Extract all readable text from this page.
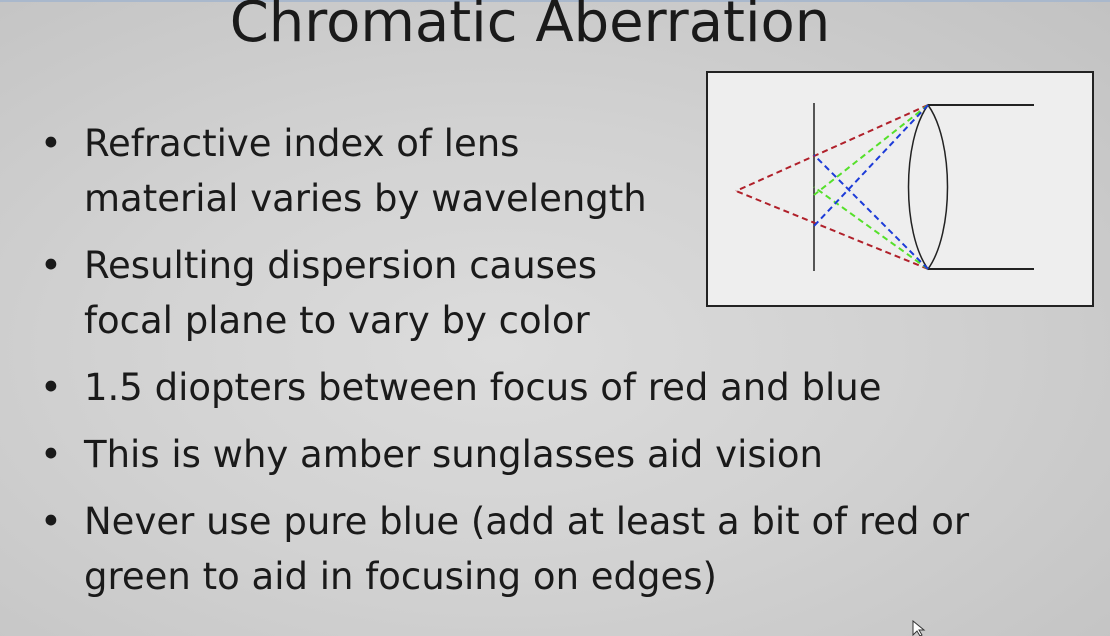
Chromatic Aberration
• Refractive index of lens
material varies by wavelength
• Resulting dispersion causes
focal plane to vary by color
• 1.5 diopters between focus of red and blue
• This is why amber sunglasses aid vision
• Never use pure blue (add at least a bit of red or
green to aid in focusing on edges)
